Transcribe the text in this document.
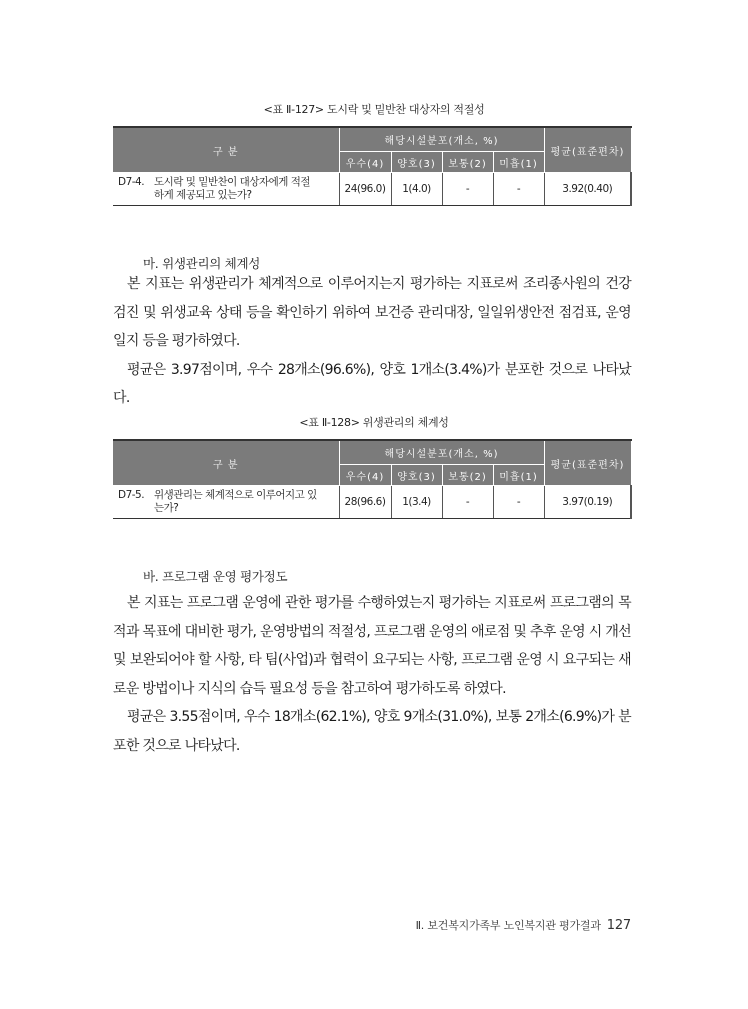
<표 Ⅱ-127> 도시락 및 밑반찬 대상자의 적절성
구 분	해당시설분포(개소, %)				평균(표준편차)
	우수(4)	양호(3)	보통(2)	미흡(1)	

D7-4. 도시락 및 밑반찬이 대상자에게 적절
하게 제공되고 있는가?	24(96.0)	1(4.0)	-	-	3.92(0.40)
마. 위생관리의 체계성

본 지표는 위생관리가 체계적으로 이루어지는지 평가하는 지표로써 조리종사원의 건강검진 및 위생교육 상태 등을 확인하기 위하여 보건증 관리대장, 일일위생안전 점검표, 운영일지 등을 평가하였다.

평균은 3.97점이며, 우수 28개소(96.6%), 양호 1개소(3.4%)가 분포한 것으로 나타났다.

<표 Ⅱ-128> 위생관리의 체계성
구 분	해당시설분포(개소, %)				평균(표준편차)
	우수(4)	양호(3)	보통(2)	미흡(1)	

D7-5. 위생관리는 체계적으로 이루어지고 있
는가?	28(96.6)	1(3.4)	-	-	3.97(0.19)
바. 프로그램 운영 평가정도

본 지표는 프로그램 운영에 관한 평가를 수행하였는지 평가하는 지표로써 프로그램의 목적과 목표에 대비한 평가, 운영방법의 적절성, 프로그램 운영의 애로점 및 추후 운영 시 개선 및 보완되어야 할 사항, 타 팀(사업)과 협력이 요구되는 사항, 프로그램 운영 시 요구되는 새로운 방법이나 지식의 습득 필요성 등을 참고하여 평가하도록 하였다.

평균은 3.55점이며, 우수 18개소(62.1%), 양호 9개소(31.0%), 보통 2개소(6.9%)가 분포한 것으로 나타났다.

Ⅱ. 보건복지가족부 노인복지관 평가결과 127
